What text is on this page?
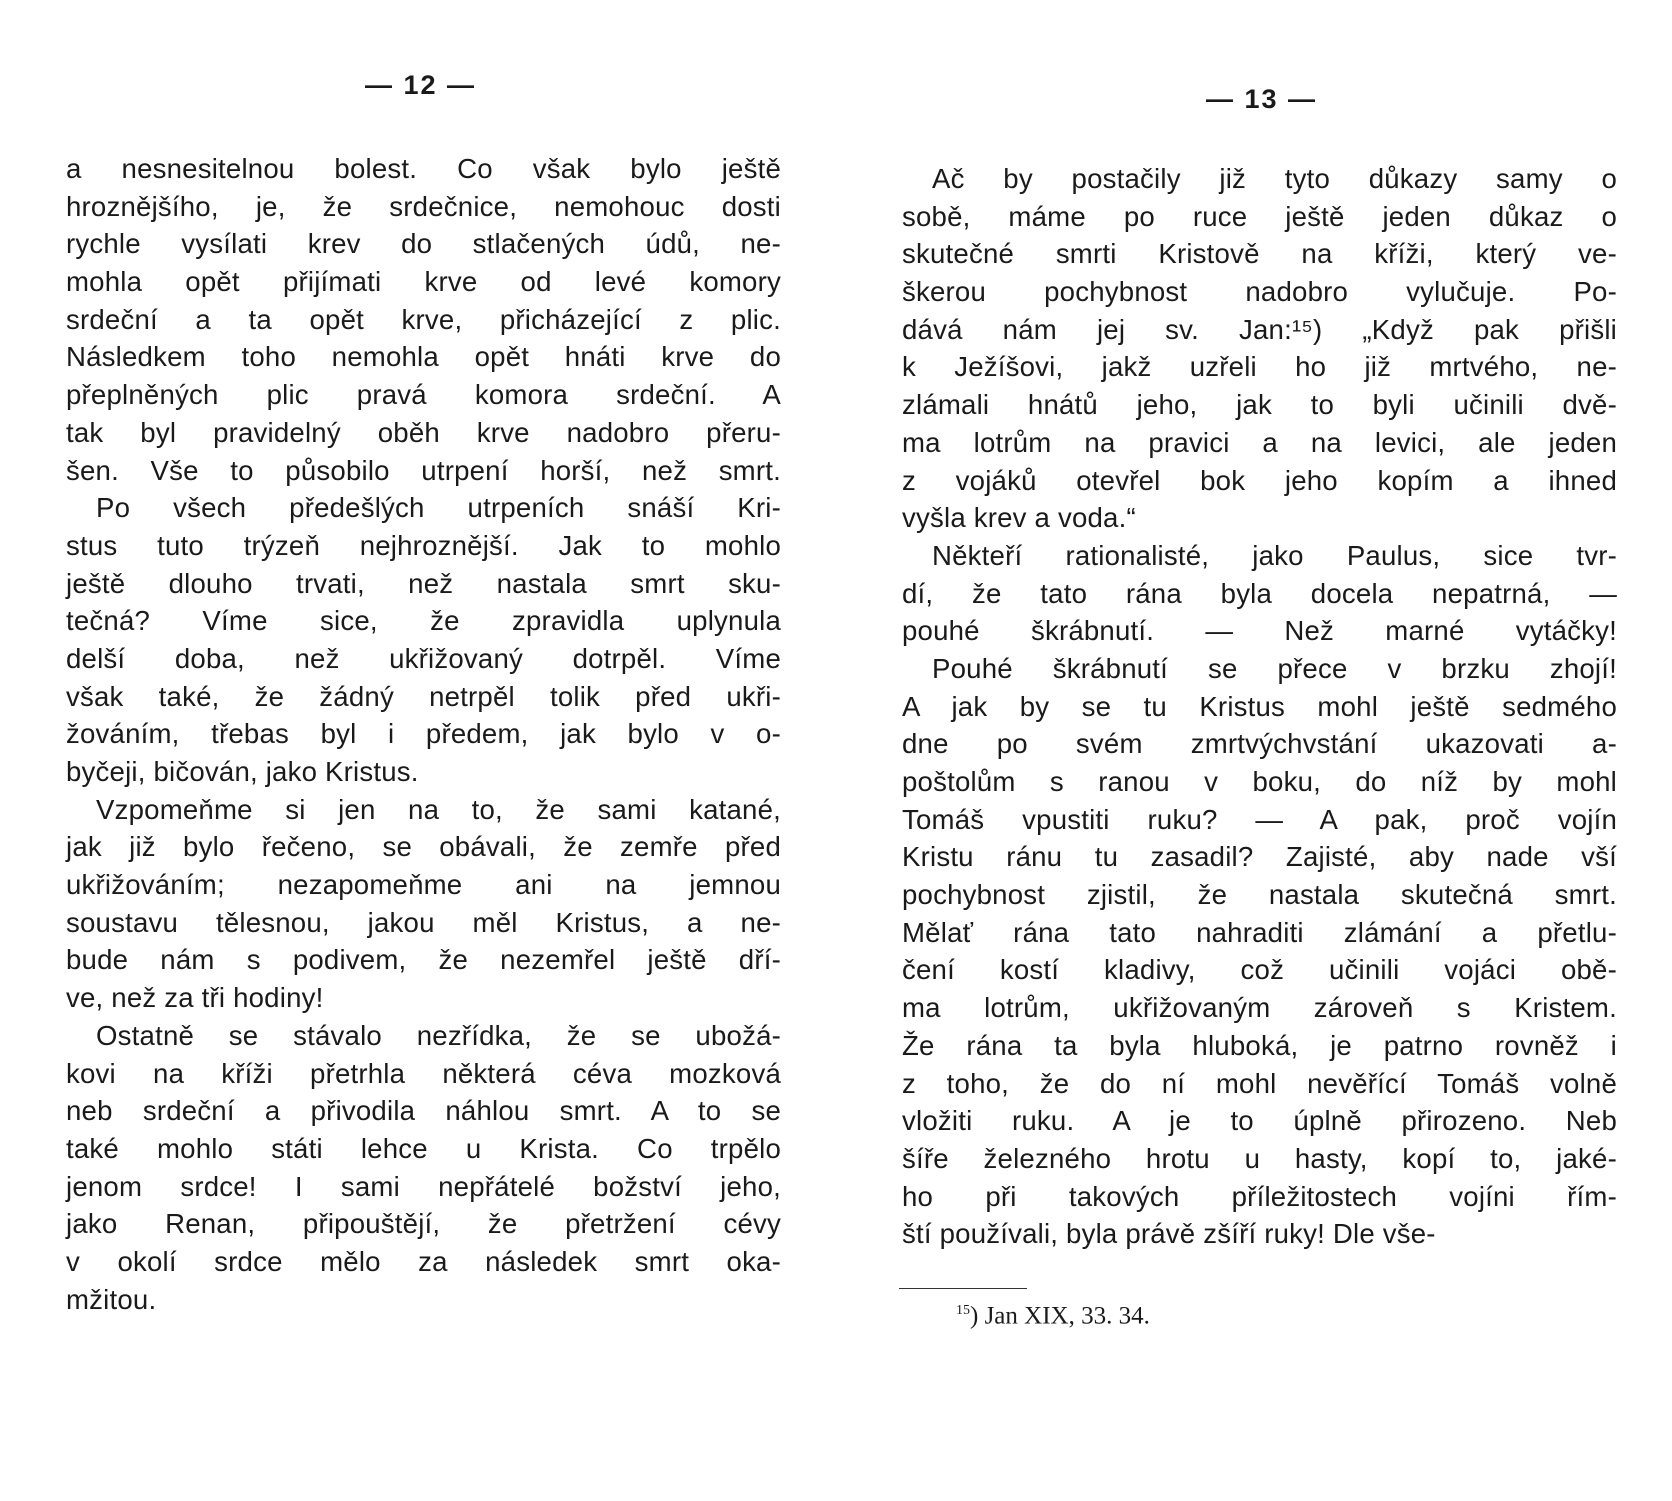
— 12 —
a nesnesitelnou bolest. Co však bylo ještě
hroznějšího, je, že srdečnice, nemohouc dosti
rychle vysílati krev do stlačených údů, ne-
mohla opět přijímati krve od levé komory
srdeční a ta opět krve, přicházející z plic.
Následkem toho nemohla opět hnáti krve do
přeplněných plic pravá komora srdeční. A
tak byl pravidelný oběh krve nadobro přeru-
šen. Vše to působilo utrpení horší, než smrt.
Po všech předešlých utrpeních snáší Kri-
stus tuto trýzeň nejhroznější. Jak to mohlo
ještě dlouho trvati, než nastala smrt sku-
tečná? Víme sice, že zpravidla uplynula
delší doba, než ukřižovaný dotrpěl. Víme
však také, že žádný netrpěl tolik před ukři-
žováním, třebas byl i předem, jak bylo v o-
byčeji, bičován, jako Kristus.
Vzpomeňme si jen na to, že sami katané,
jak již bylo řečeno, se obávali, že zemře před
ukřižováním; nezapomeňme ani na jemnou
soustavu tělesnou, jakou měl Kristus, a ne-
bude nám s podivem, že nezemřel ještě dří-
ve, než za tři hodiny!
Ostatně se stávalo nezřídka, že se ubožá-
kovi na kříži přetrhla některá céva mozková
neb srdeční a přivodila náhlou smrt. A to se
také mohlo státi lehce u Krista. Co trpělo
jenom srdce! I sami nepřátelé božství jeho,
jako Renan, připouštějí, že přetržení cévy
v okolí srdce mělo za následek smrt oka-
mžitou.
— 13 —
Ač by postačily již tyto důkazy samy o
sobě, máme po ruce ještě jeden důkaz o
skutečné smrti Kristově na kříži, který ve-
škerou pochybnost nadobro vylučuje. Po-
dává nám jej sv. Jan:¹⁵) „Když pak přišli
k Ježíšovi, jakž uzřeli ho již mrtvého, ne-
zlámali hnátů jeho, jak to byli učinili dvě-
ma lotrům na pravici a na levici, ale jeden
z vojáků otevřel bok jeho kopím a ihned
vyšla krev a voda.“
Někteří rationalisté, jako Paulus, sice tvr-
dí, že tato rána byla docela nepatrná, —
pouhé škrábnutí. — Než marné vytáčky!
Pouhé škrábnutí se přece v brzku zhojí!
A jak by se tu Kristus mohl ještě sedmého
dne po svém zmrtvýchvstání ukazovati a-
poštolům s ranou v boku, do níž by mohl
Tomáš vpustiti ruku? — A pak, proč vojín
Kristu ránu tu zasadil? Zajisté, aby nade vší
pochybnost zjistil, že nastala skutečná smrt.
Mělať rána tato nahraditi zlámání a přetlu-
čení kostí kladivy, což učinili vojáci obě-
ma lotrům, ukřižovaným zároveň s Kristem.
Že rána ta byla hluboká, je patrno rovněž i
z toho, že do ní mohl nevěřící Tomáš volně
vložiti ruku. A je to úplně přirozeno. Neb
šíře železného hrotu u hasty, kopí to, jaké-
ho při takových příležitostech vojíni řím-
ští používali, byla právě zšíří ruky! Dle vše-
$^{15}$) Jan XIX, 33. 34.
